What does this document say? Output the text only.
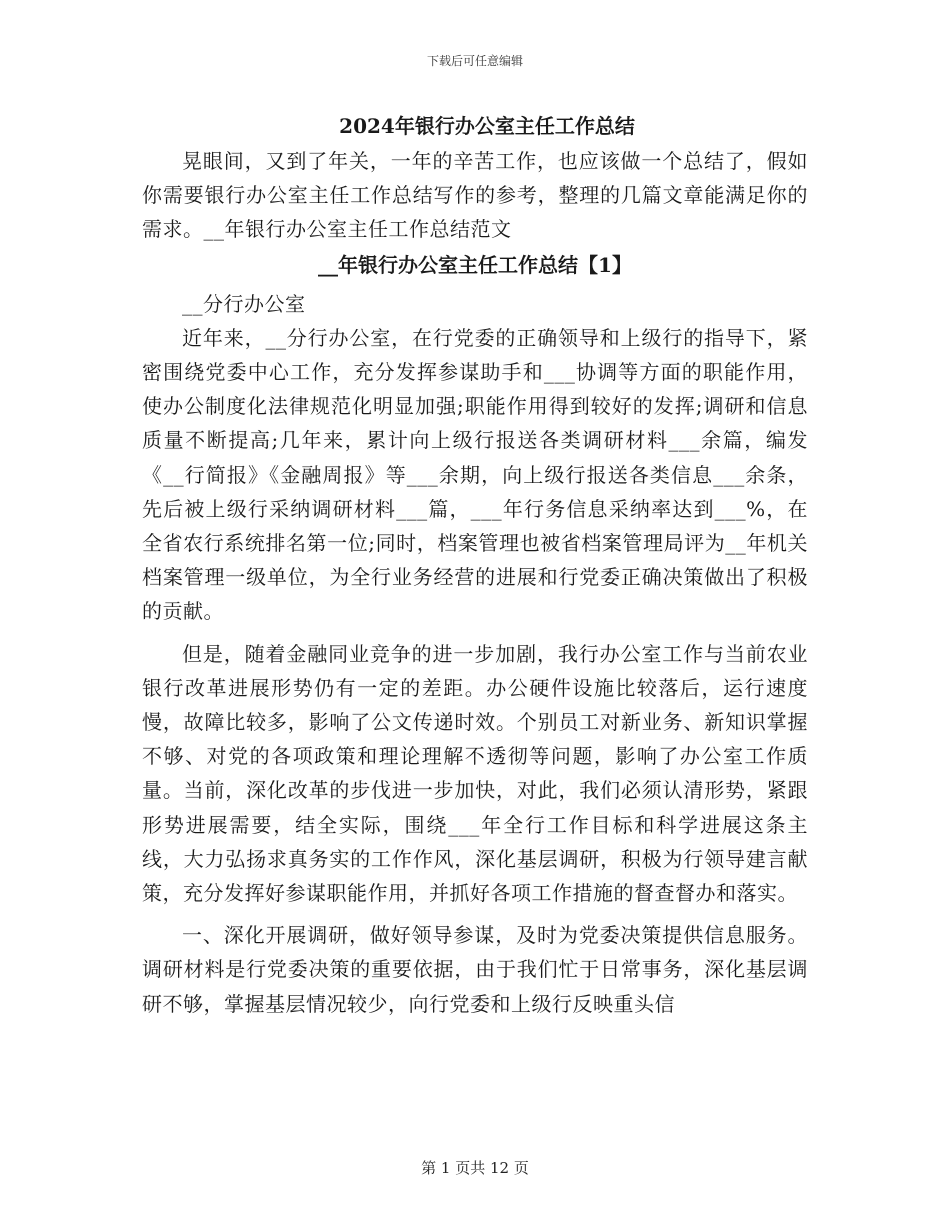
下载后可任意编辑

2024年银行办公室主任工作总结

晃眼间，又到了年关，一年的辛苦工作，也应该做一个总结了，假如你需要银行办公室主任工作总结写作的参考，整理的几篇文章能满足你的需求。__年银行办公室主任工作总结范文

__年银行办公室主任工作总结【1】

__分行办公室

近年来，__分行办公室，在行党委的正确领导和上级行的指导下，紧密围绕党委中心工作，充分发挥参谋助手和___协调等方面的职能作用，使办公制度化法律规范化明显加强;职能作用得到较好的发挥;调研和信息质量不断提高;几年来，累计向上级行报送各类调研材料___余篇，编发《__行简报》《金融周报》等___余期，向上级行报送各类信息___余条，先后被上级行采纳调研材料___篇，___年行务信息采纳率达到___%，在全省农行系统排名第一位;同时，档案管理也被省档案管理局评为__年机关档案管理一级单位，为全行业务经营的进展和行党委正确决策做出了积极的贡献。

但是，随着金融同业竞争的进一步加剧，我行办公室工作与当前农业银行改革进展形势仍有一定的差距。办公硬件设施比较落后，运行速度慢，故障比较多，影响了公文传递时效。个别员工对新业务、新知识掌握不够、对党的各项政策和理论理解不透彻等问题，影响了办公室工作质量。当前，深化改革的步伐进一步加快，对此，我们必须认清形势，紧跟形势进展需要，结全实际，围绕___年全行工作目标和科学进展这条主线，大力弘扬求真务实的工作作风，深化基层调研，积极为行领导建言献策，充分发挥好参谋职能作用，并抓好各项工作措施的督查督办和落实。

一、深化开展调研，做好领导参谋，及时为党委决策提供信息服务。调研材料是行党委决策的重要依据，由于我们忙于日常事务，深化基层调研不够，掌握基层情况较少，向行党委和上级行反映重头信

第 1 页共 12 页
